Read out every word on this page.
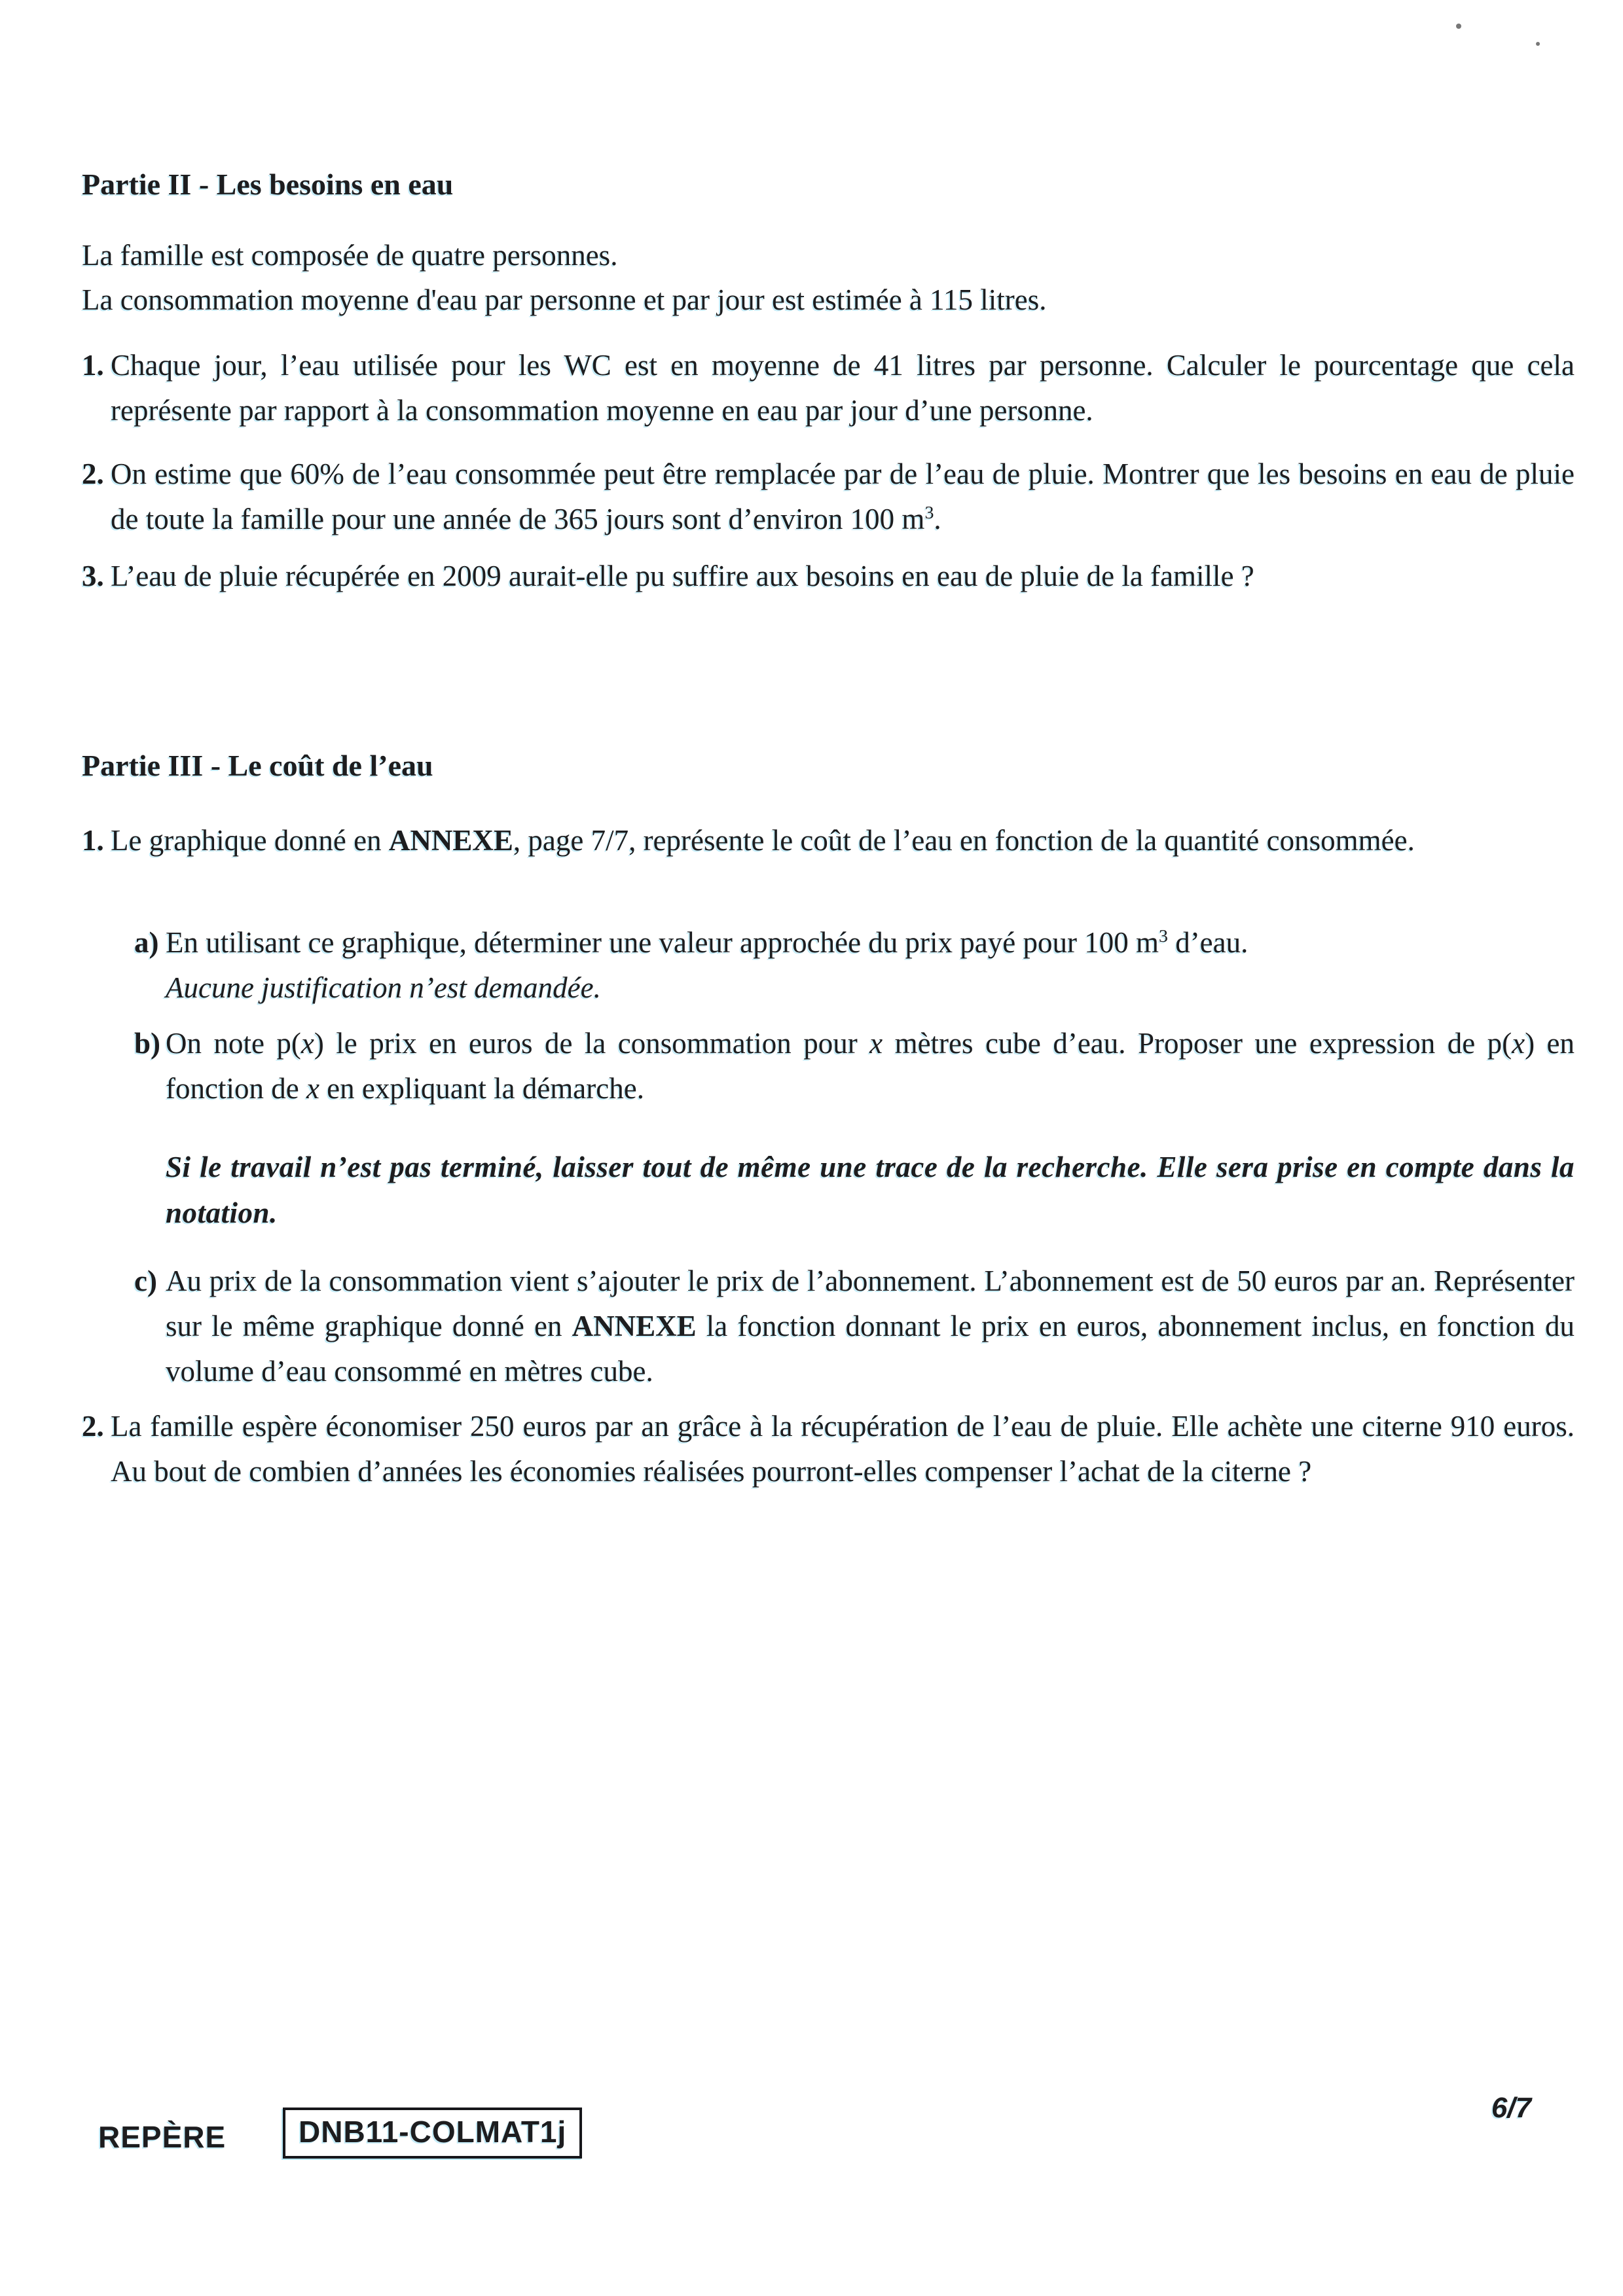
Partie II - Les besoins en eau
La famille est composée de quatre personnes.
La consommation moyenne d'eau par personne et par jour est estimée à 115 litres.
1. Chaque jour, l’eau utilisée pour les WC est en moyenne de 41 litres par personne. Calculer le pourcentage que cela représente par rapport à la consommation moyenne en eau par jour d’une personne.
2. On estime que 60% de l’eau consommée peut être remplacée par de l’eau de pluie. Montrer que les besoins en eau de pluie de toute la famille pour une année de 365 jours sont d’environ 100 $m^3$.
3. L’eau de pluie récupérée en 2009 aurait-elle pu suffire aux besoins en eau de pluie de la famille ?
Partie III - Le coût de l’eau
1. Le graphique donné en ANNEXE, page 7/7, représente le coût de l’eau en fonction de la quantité consommée.
a) En utilisant ce graphique, déterminer une valeur approchée du prix payé pour 100 $m^3$ d’eau.
Aucune justification n’est demandée.
b) On note p(x) le prix en euros de la consommation pour x mètres cube d’eau. Proposer une expression de p(x) en fonction de x en expliquant la démarche.
Si le travail n’est pas terminé, laisser tout de même une trace de la recherche. Elle sera prise en compte dans la notation.
c) Au prix de la consommation vient s’ajouter le prix de l’abonnement. L’abonnement est de 50 euros par an. Représenter sur le même graphique donné en ANNEXE la fonction donnant le prix en euros, abonnement inclus, en fonction du volume d’eau consommé en mètres cube.
2. La famille espère économiser 250 euros par an grâce à la récupération de l’eau de pluie. Elle achète une citerne 910 euros. Au bout de combien d’années les économies réalisées pourront-elles compenser l’achat de la citerne ?
REPÈRE	DNB11-COLMAT1j
6/7
